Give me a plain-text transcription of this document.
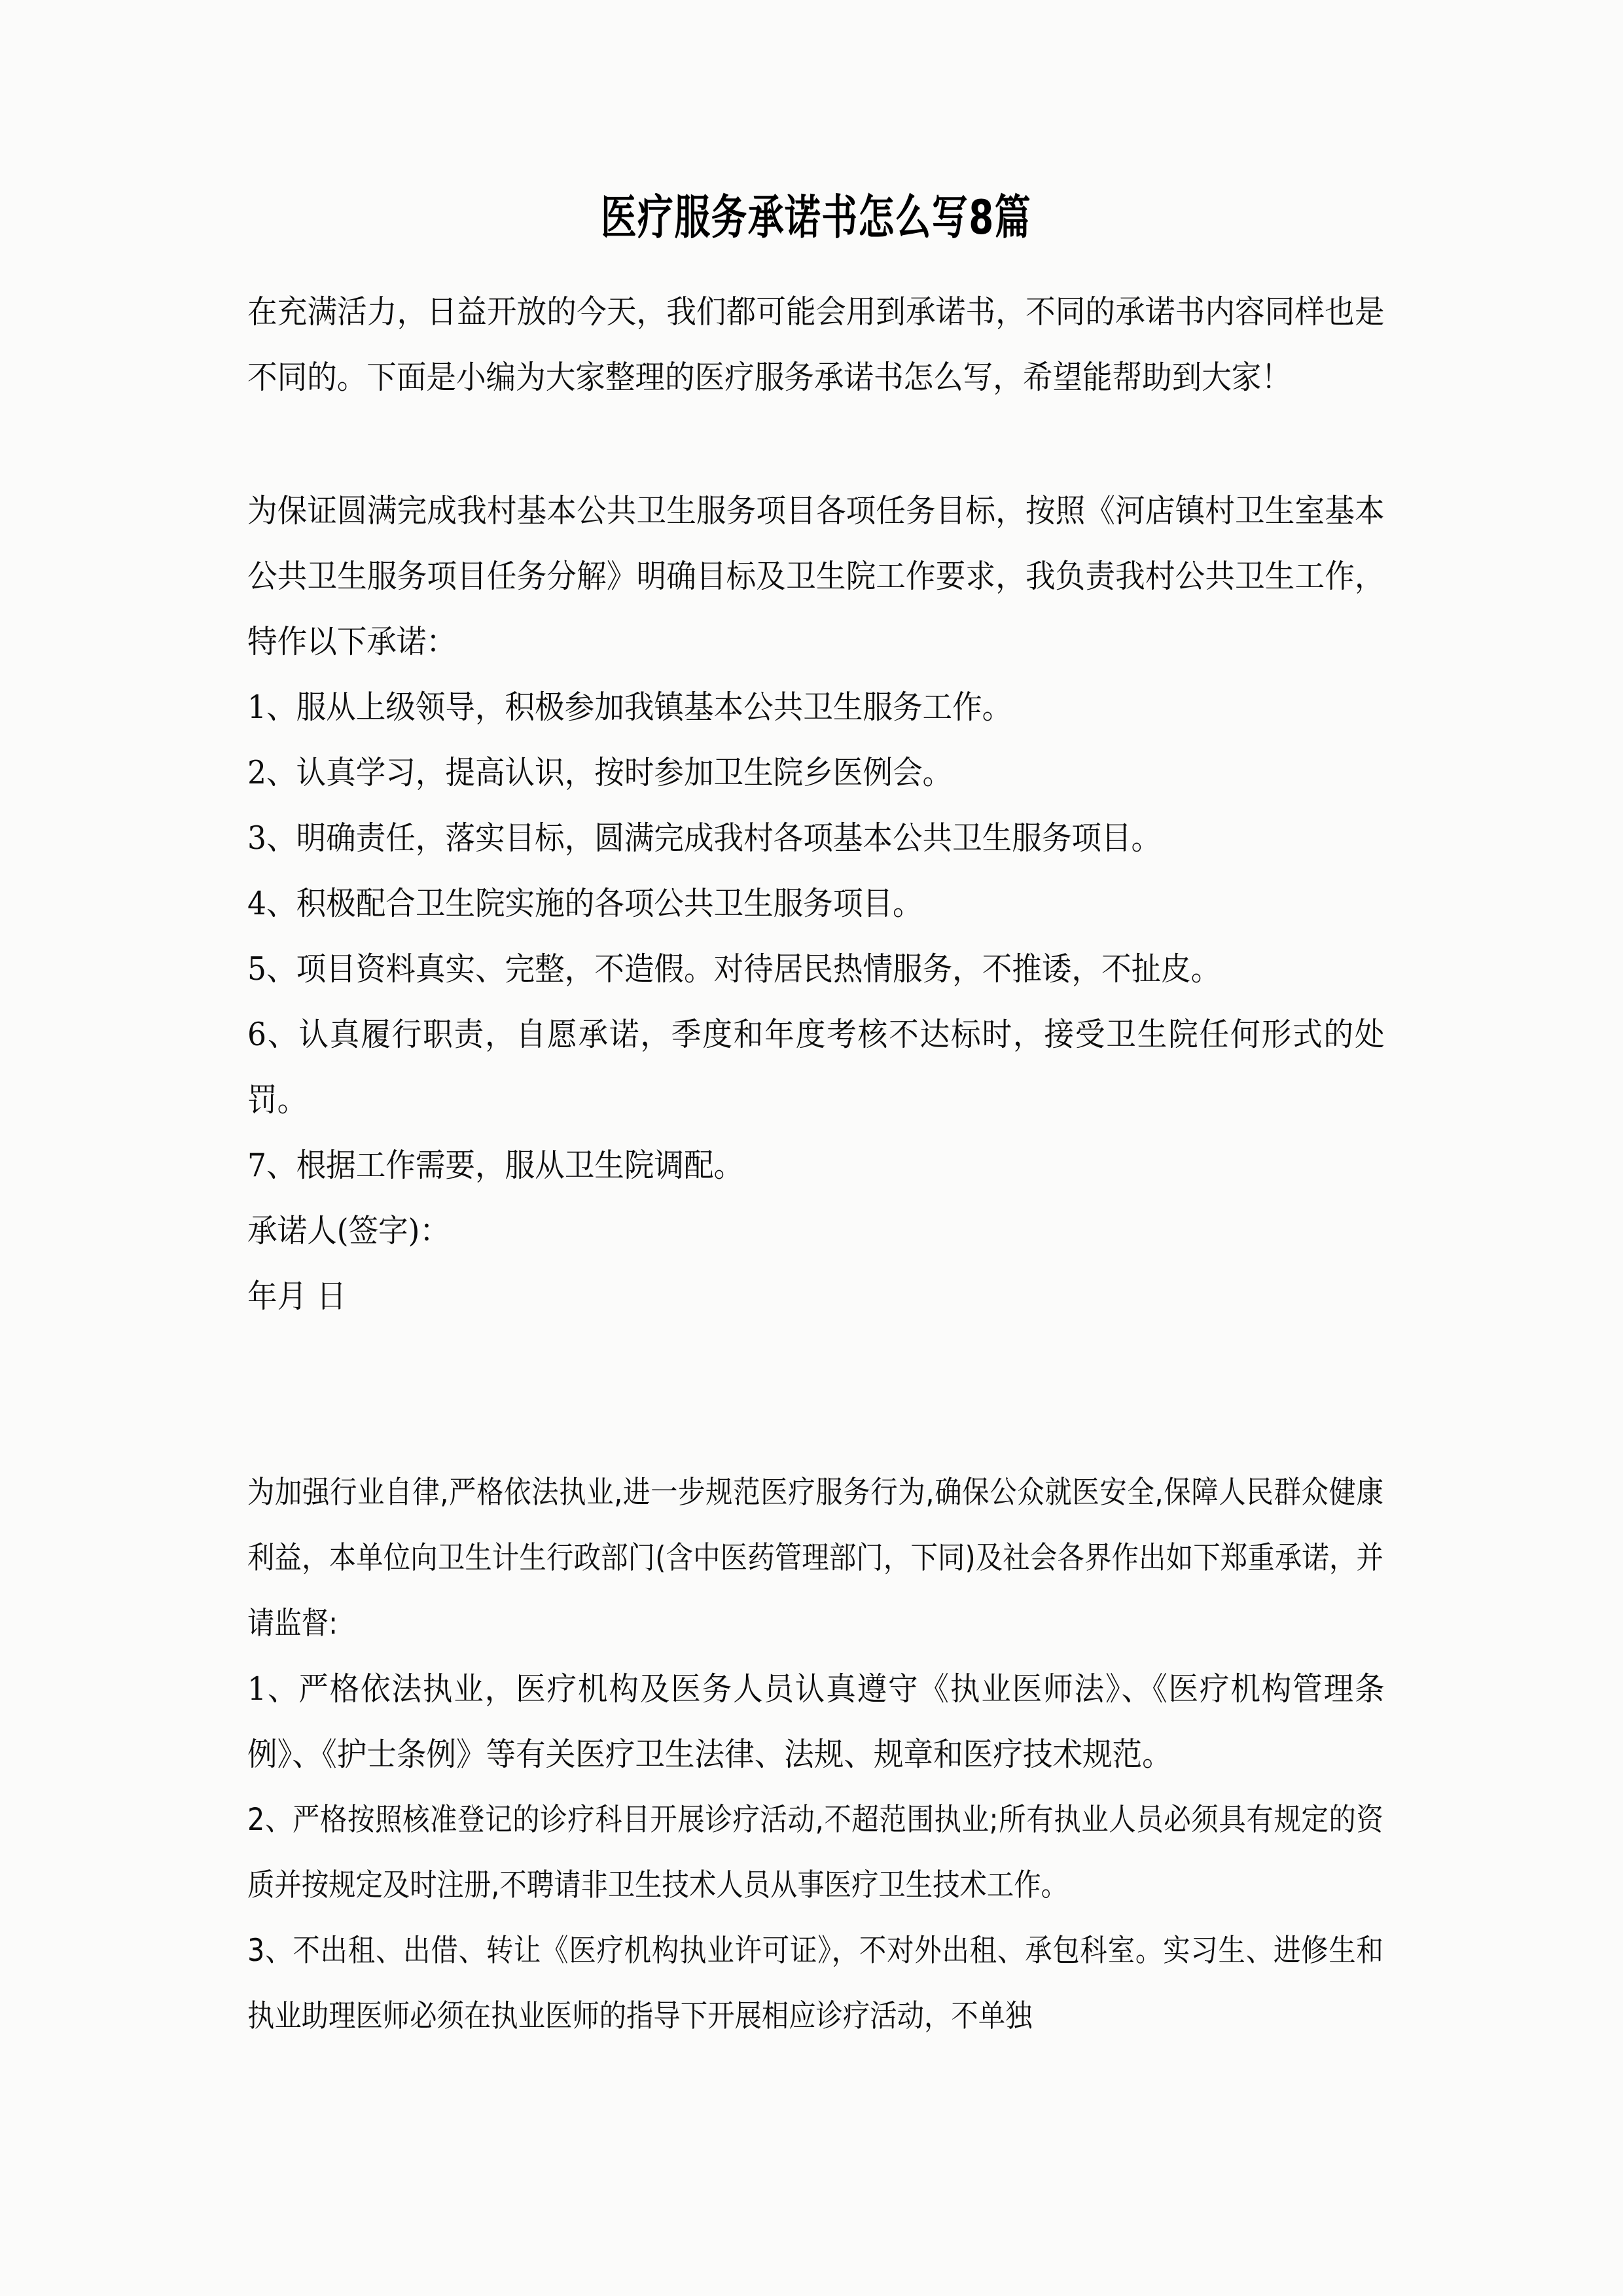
医疗服务承诺书怎么写8篇

在充满活力，日益开放的今天，我们都可能会用到承诺书，不同的承诺书内容同样也是不同的。下面是小编为大家整理的医疗服务承诺书怎么写，希望能帮助到大家！

为保证圆满完成我村基本公共卫生服务项目各项任务目标，按照《河店镇村卫生室基本公共卫生服务项目任务分解》明确目标及卫生院工作要求，我负责我村公共卫生工作，特作以下承诺：

1、服从上级领导，积极参加我镇基本公共卫生服务工作。

2、认真学习，提高认识，按时参加卫生院乡医例会。

3、明确责任，落实目标，圆满完成我村各项基本公共卫生服务项目。

4、积极配合卫生院实施的各项公共卫生服务项目。

5、项目资料真实、完整，不造假。对待居民热情服务，不推诿，不扯皮。

6、认真履行职责，自愿承诺，季度和年度考核不达标时，接受卫生院任何形式的处罚。

7、根据工作需要，服从卫生院调配。

承诺人(签字)：

年月 日

为加强行业自律,严格依法执业,进一步规范医疗服务行为,确保公众就医安全,保障人民群众健康利益，本单位向卫生计生行政部门(含中医药管理部门，下同)及社会各界作出如下郑重承诺，并请监督:

1、严格依法执业，医疗机构及医务人员认真遵守《执业医师法》、《医疗机构管理条例》、《护士条例》等有关医疗卫生法律、法规、规章和医疗技术规范。

2、严格按照核准登记的诊疗科目开展诊疗活动,不超范围执业;所有执业人员必须具有规定的资质并按规定及时注册,不聘请非卫生技术人员从事医疗卫生技术工作。

3、不出租、出借、转让《医疗机构执业许可证》，不对外出租、承包科室。实习生、进修生和执业助理医师必须在执业医师的指导下开展相应诊疗活动，不单独
